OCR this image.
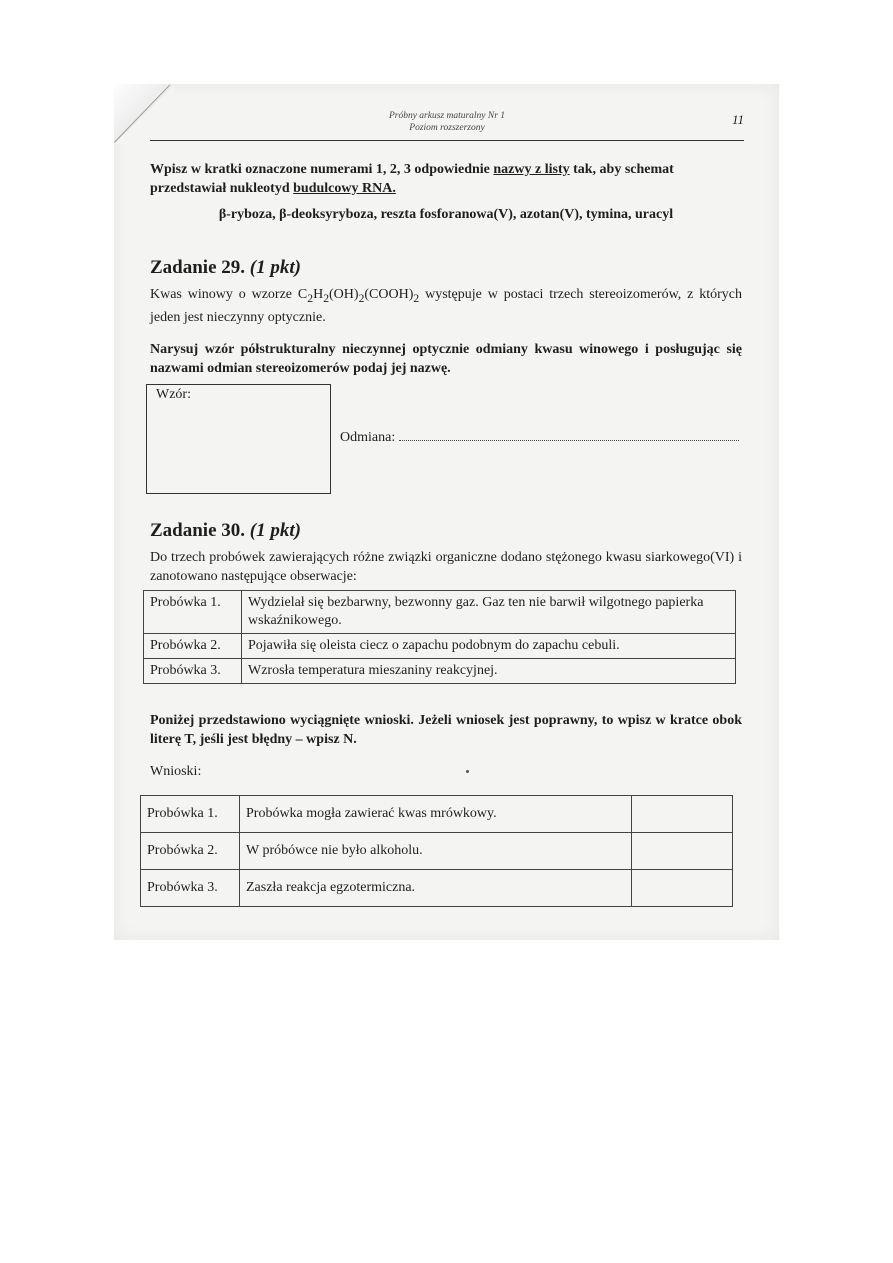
Próbny arkusz maturalny Nr 1
Poziom rozszerzony
11
Wpisz w kratki oznaczone numerami 1, 2, 3 odpowiednie nazwy z listy tak, aby schemat przedstawiał nukleotyd budulcowy RNA.
β-ryboza, β-deoksyryboza, reszta fosforanowa(V), azotan(V), tymina, uracyl
Zadanie 29. (1 pkt)
Kwas winowy o wzorze $C_2H_2(OH)_2(COOH)_2$ występuje w postaci trzech stereoizomerów, z których jeden jest nieczynny optycznie.
Narysuj wzór półstrukturalny nieczynnej optycznie odmiany kwasu winowego i posługując się nazwami odmian stereoizomerów podaj jej nazwę.
Wzór:
Odmiana:
Zadanie 30. (1 pkt)
Do trzech probówek zawierających różne związki organiczne dodano stężonego kwasu siarkowego(VI) i zanotowano następujące obserwacje:
Probówka 1.	Wydzielał się bezbarwny, bezwonny gaz. Gaz ten nie barwił wilgotnego papierka wskaźnikowego.
Probówka 2.	Pojawiła się oleista ciecz o zapachu podobnym do zapachu cebuli.
Probówka 3.	Wzrosła temperatura mieszaniny reakcyjnej.
Poniżej przedstawiono wyciągnięte wnioski. Jeżeli wniosek jest poprawny, to wpisz w kratce obok literę T, jeśli jest błędny – wpisz N.
Wnioski:
Probówka 1.	Probówka mogła zawierać kwas mrówkowy.	
Probówka 2.	W próbówce nie było alkoholu.	
Probówka 3.	Zaszła reakcja egzotermiczna.	
